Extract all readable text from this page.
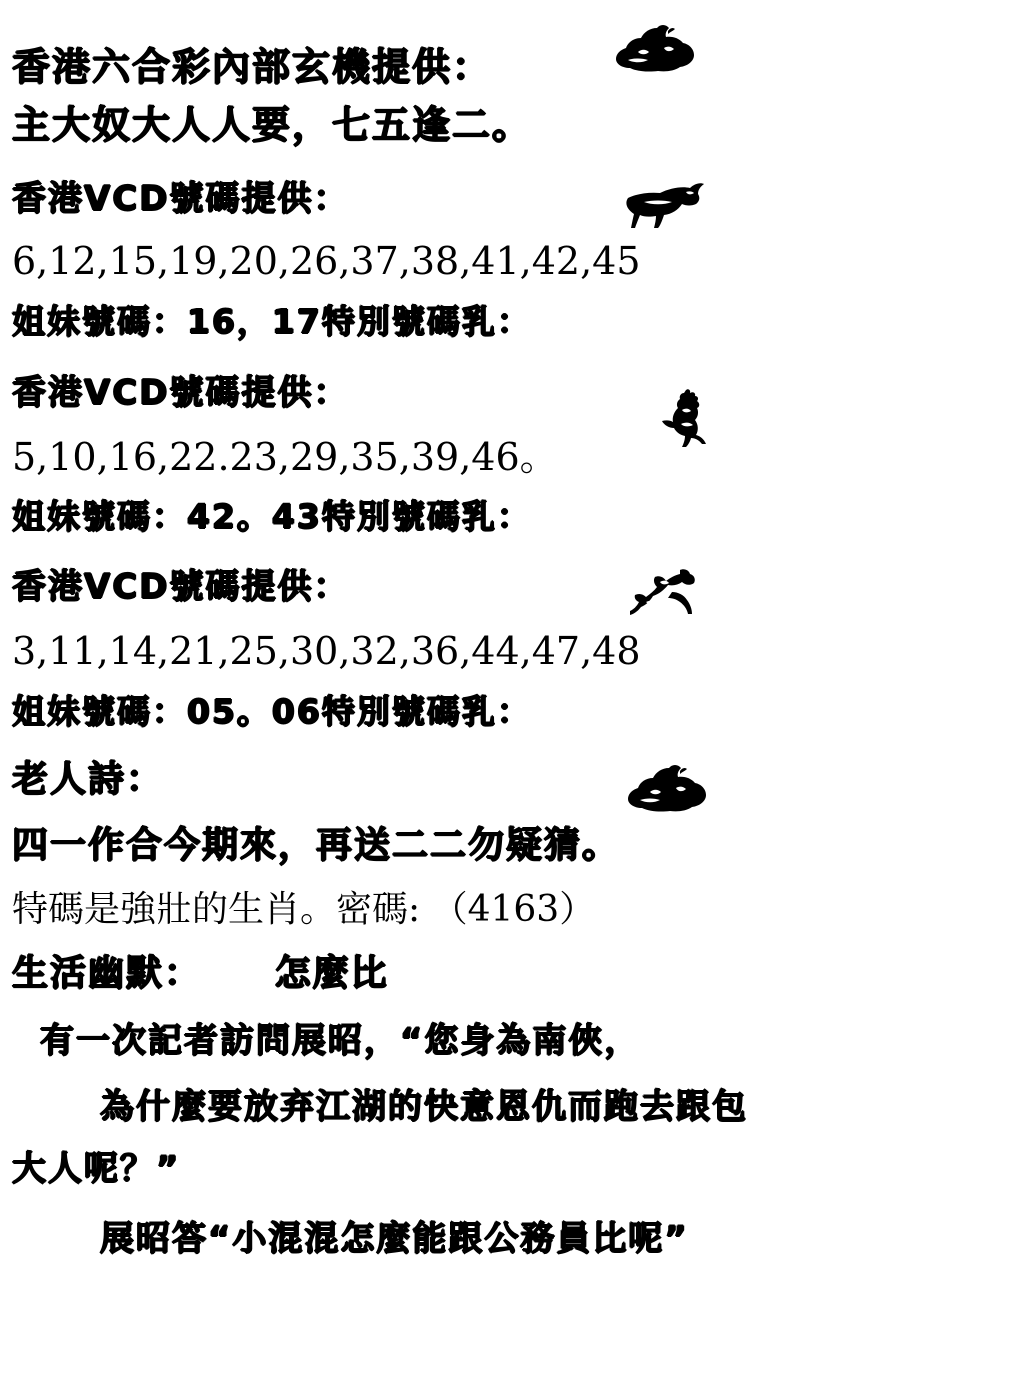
香港六合彩內部玄機提供：
主大奴大人人要，七五逢二。
香港VCD號碼提供：
6,12,15,19,20,26,37,38,41,42,45
姐妹號碼：16，17特別號碼乳：
香港VCD號碼提供：
5,10,16,22.23,29,35,39,46。
姐妹號碼：42。43特別號碼乳：
香港VCD號碼提供：
3,11,14,21,25,30,32,36,44,47,48
姐妹號碼：05。06特別號碼乳：
老人詩：
四一作合今期來，再送二二勿疑猜。
特碼是強壯的生肖。密碼: （4163）
生活幽默：     怎麼比
有一次記者訪問展昭，“您身為南俠，
為什麼要放弃江湖的快意恩仇而跑去跟包
大人呢？”
展昭答“小混混怎麼能跟公務員比呢”
